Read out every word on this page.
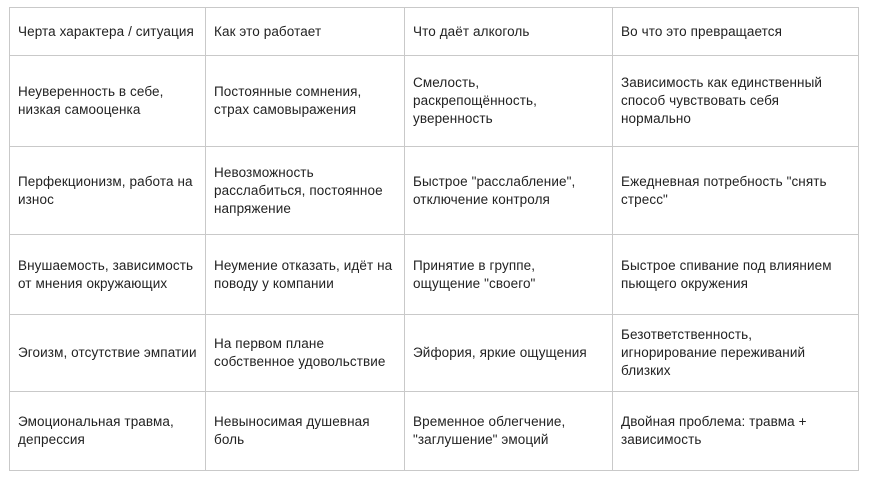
Черта характера / ситуация	Как это работает	Что даёт алкоголь	Во что это превращается
Неуверенность в себе, низкая самооценка	Постоянные сомнения, страх самовыражения	Смелость, раскрепощённость, уверенность	Зависимость как единственный способ чувствовать себя нормально
Перфекционизм, работа на износ	Невозможность расслабиться, постоянное напряжение	Быстрое "расслабление", отключение контроля	Ежедневная потребность "снять стресс"
Внушаемость, зависимость от мнения окружающих	Неумение отказать, идёт на поводу у компании	Принятие в группе, ощущение "своего"	Быстрое спивание под влиянием пьющего окружения
Эгоизм, отсутствие эмпатии	На первом плане собственное удовольствие	Эйфория, яркие ощущения	Безответственность, игнорирование переживаний близких
Эмоциональная травма, депрессия	Невыносимая душевная боль	Временное облегчение, "заглушение" эмоций	Двойная проблема: травма + зависимость
